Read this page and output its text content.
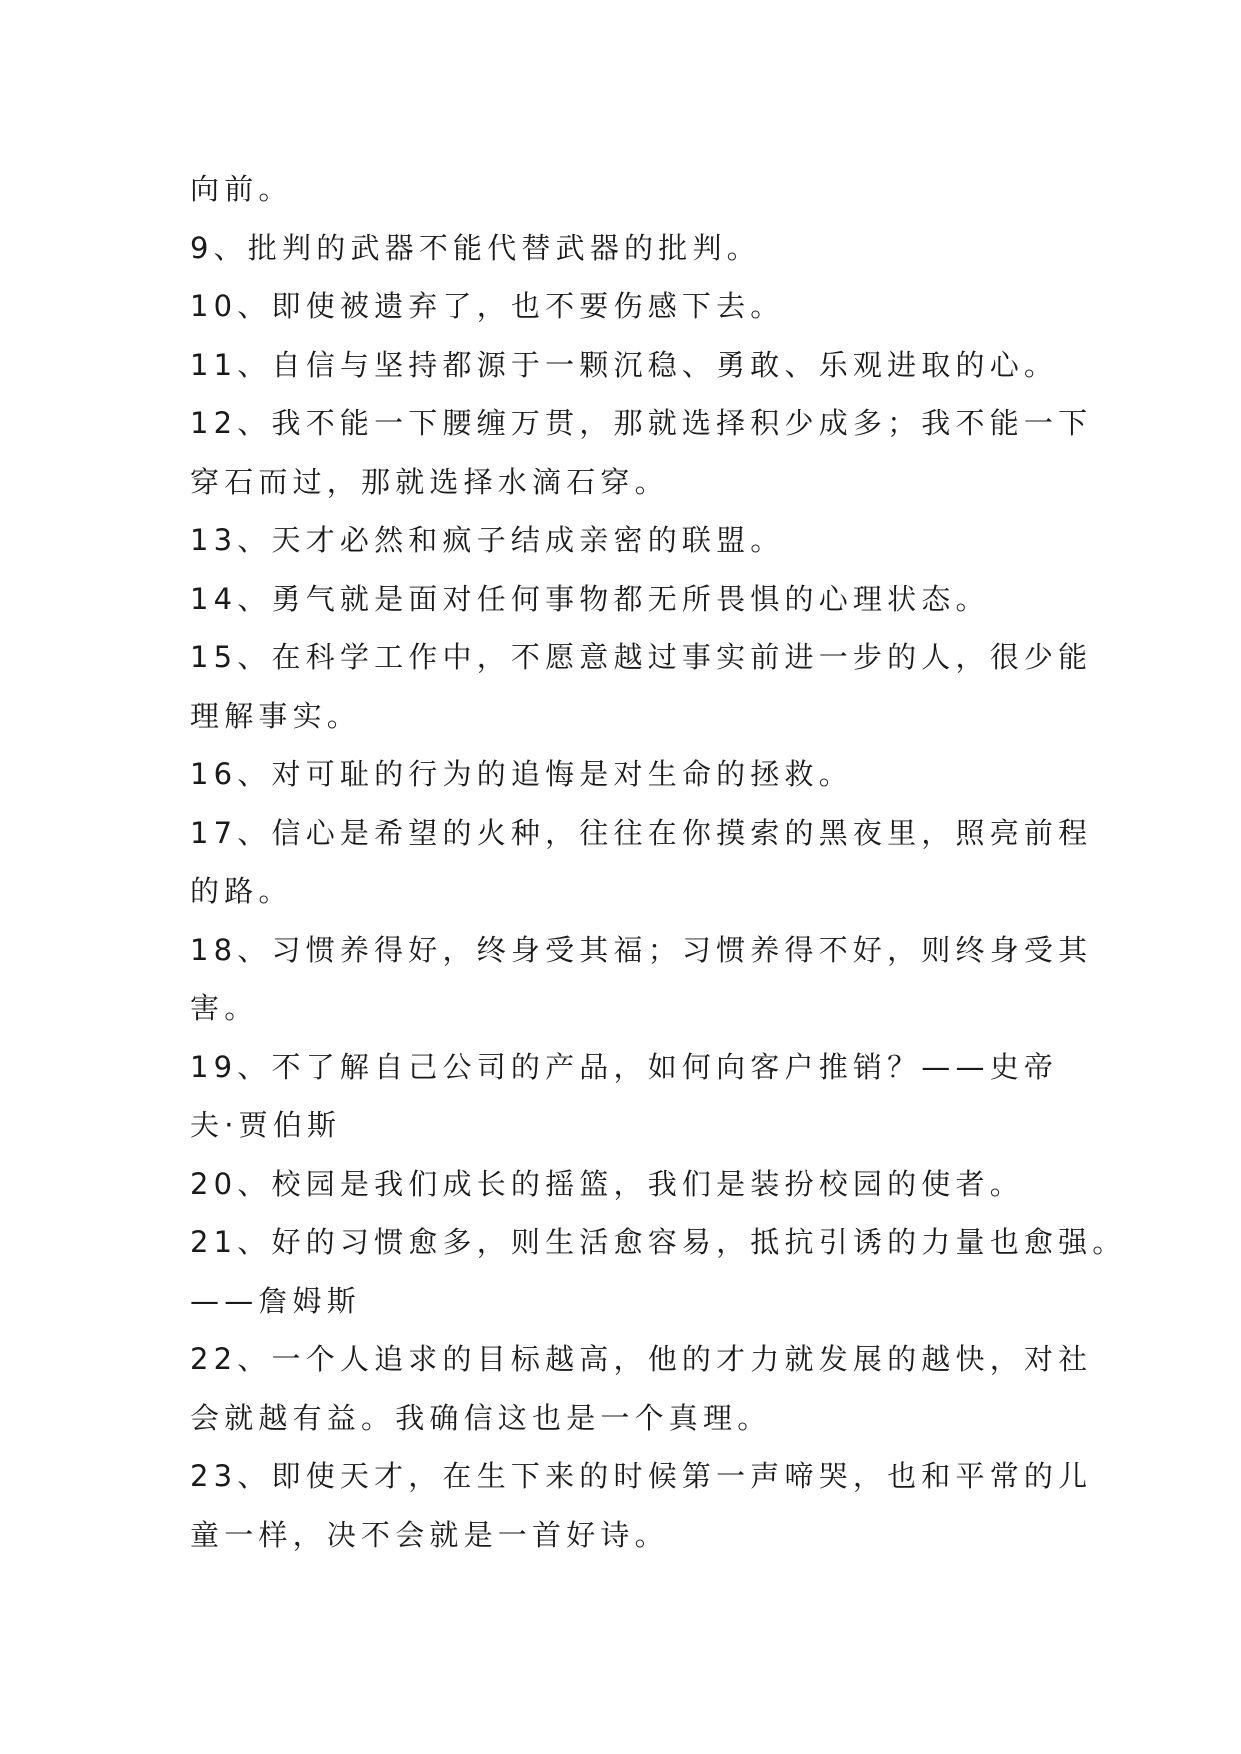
向前。
9、批判的武器不能代替武器的批判。
10、即使被遗弃了，也不要伤感下去。
11、自信与坚持都源于一颗沉稳、勇敢、乐观进取的心。
12、我不能一下腰缠万贯，那就选择积少成多；我不能一下
穿石而过，那就选择水滴石穿。
13、天才必然和疯子结成亲密的联盟。
14、勇气就是面对任何事物都无所畏惧的心理状态。
15、在科学工作中，不愿意越过事实前进一步的人，很少能
理解事实。
16、对可耻的行为的追悔是对生命的拯救。
17、信心是希望的火种，往往在你摸索的黑夜里，照亮前程
的路。
18、习惯养得好，终身受其福；习惯养得不好，则终身受其
害。
19、不了解自己公司的产品，如何向客户推销？——史帝
夫·贾伯斯
20、校园是我们成长的摇篮，我们是装扮校园的使者。
21、好的习惯愈多，则生活愈容易，抵抗引诱的力量也愈强。
——詹姆斯
22、一个人追求的目标越高，他的才力就发展的越快，对社
会就越有益。我确信这也是一个真理。
23、即使天才，在生下来的时候第一声啼哭，也和平常的儿
童一样，决不会就是一首好诗。
